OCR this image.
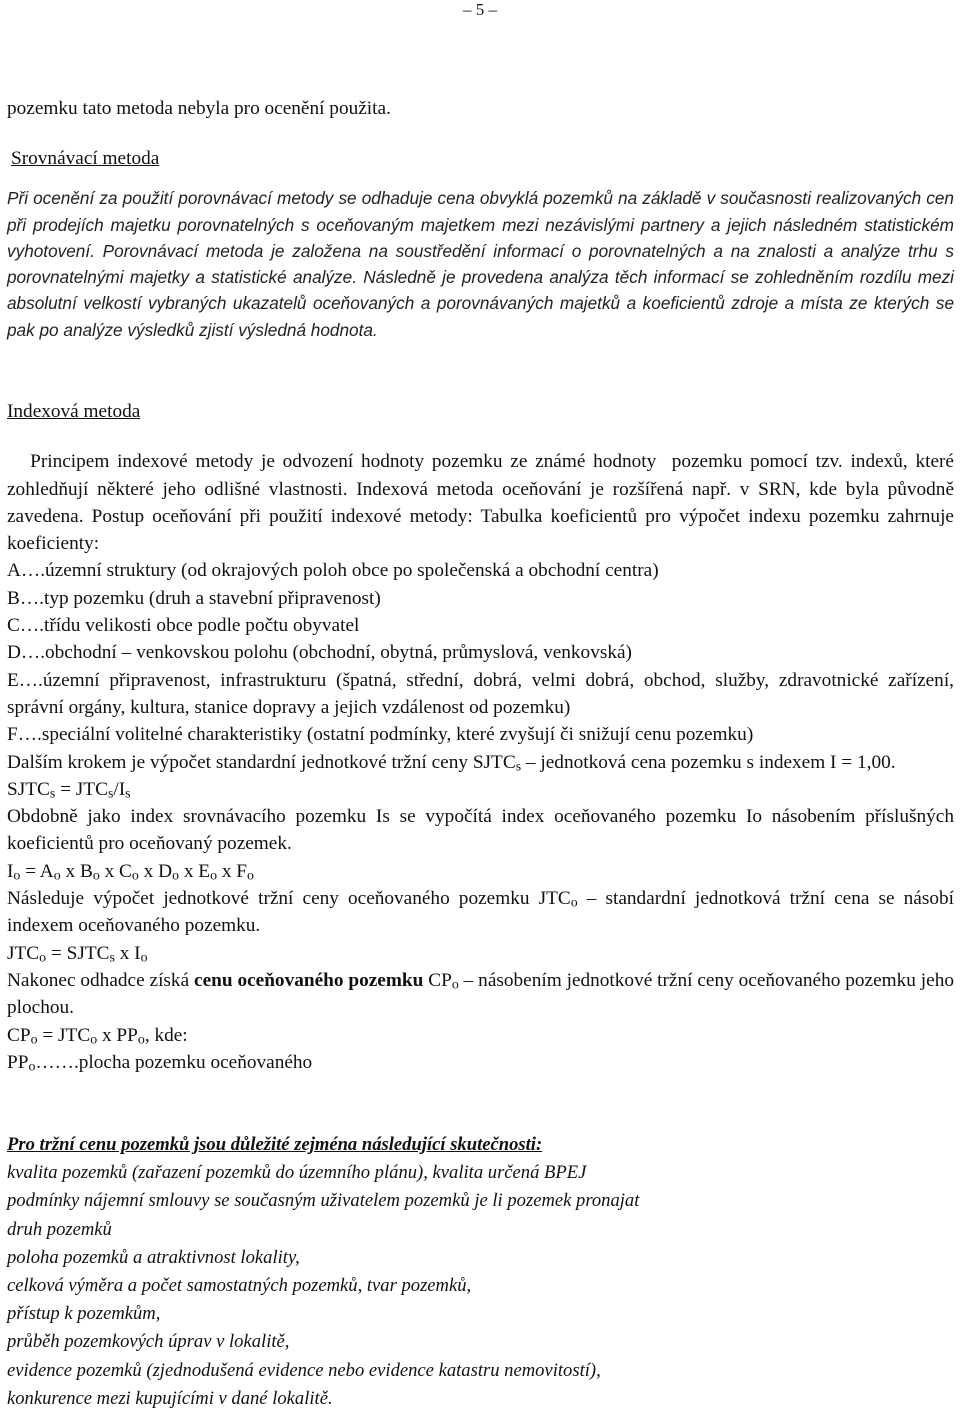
– 5 –

pozemku tato metoda nebyla pro ocenění použita.

Srovnávací metoda

Při ocenění za použití porovnávací metody se odhaduje cena obvyklá pozemků na základě v současnosti realizovaných cen při prodejích majetku porovnatelných s oceňovaným majetkem mezi nezávislými partnery a jejich následném statistickém vyhotovení. Porovnávací metoda je založena na soustředění informací o porovnatelných a na znalosti a analýze trhu s porovnatelnými majetky a statistické analýze. Následně je provedena analýza těch informací se zohledněním rozdílu mezi absolutní velkostí vybraných ukazatelů oceňovaných a porovnávaných majetků a koeficientů zdroje a místa ze kterých se pak po analýze výsledků zjistí výsledná hodnota.

Indexová metoda

Principem indexové metody je odvození hodnoty pozemku ze známé hodnoty  pozemku pomocí tzv. indexů, které zohledňují některé jeho odlišné vlastnosti. Indexová metoda oceňování je rozšířená např. v SRN, kde byla původně zavedena. Postup oceňování při použití indexové metody: Tabulka koeficientů pro výpočet indexu pozemku zahrnuje koeficienty:

A….územní struktury (od okrajových poloh obce po společenská a obchodní centra)
B….typ pozemku (druh a stavební připravenost)
C….třídu velikosti obce podle počtu obyvatel
D….obchodní – venkovskou polohu (obchodní, obytná, průmyslová, venkovská)

E….územní připravenost, infrastrukturu (špatná, střední, dobrá, velmi dobrá, obchod, služby, zdravotnické zařízení, správní orgány, kultura, stanice dopravy a jejich vzdálenost od pozemku)

F….speciální volitelné charakteristiky (ostatní podmínky, které zvyšují či snižují cenu pozemku)

Dalším krokem je výpočet standardní jednotkové tržní ceny $SJTC_s$ – jednotková cena pozemku s indexem I = 1,00.

$SJTC_s = JTC_s/I_s$

Obdobně jako index srovnávacího pozemku Is se vypočítá index oceňovaného pozemku Io násobením příslušných koeficientů pro oceňovaný pozemek.

$I_o = A_o$ x $B_o$ x $C_o$ x $D_o$ x $E_o$ x $F_o$

Následuje výpočet jednotkové tržní ceny oceňovaného pozemku $JTC_o$ – standardní jednotková tržní cena se násobí indexem oceňovaného pozemku.

$JTC_o$ = $SJTC_s$ x $I_o$

Nakonec odhadce získá cenu oceňovaného pozemku $CP_o$ – násobením jednotkové tržní ceny oceňovaného pozemku jeho plochou.

$CP_o = JTC_o$ x $PP_o$, kde:
$PP_o\dots\dots.plocha$ pozemku oceňovaného

Pro tržní cenu pozemků jsou důležité zejména následující skutečnosti:

kvalita pozemků (zařazení pozemků do územního plánu), kvalita určená BPEJ
podmínky nájemní smlouvy se současným uživatelem pozemků je li pozemek pronajat
druh pozemků
poloha pozemků a atraktivnost lokality,
celková výměra a počet samostatných pozemků, tvar pozemků,
přístup k pozemkům,
průběh pozemkových úprav v lokalitě,
evidence pozemků (zjednodušená evidence nebo evidence katastru nemovitostí),
konkurence mezi kupujícími v dané lokalitě.
